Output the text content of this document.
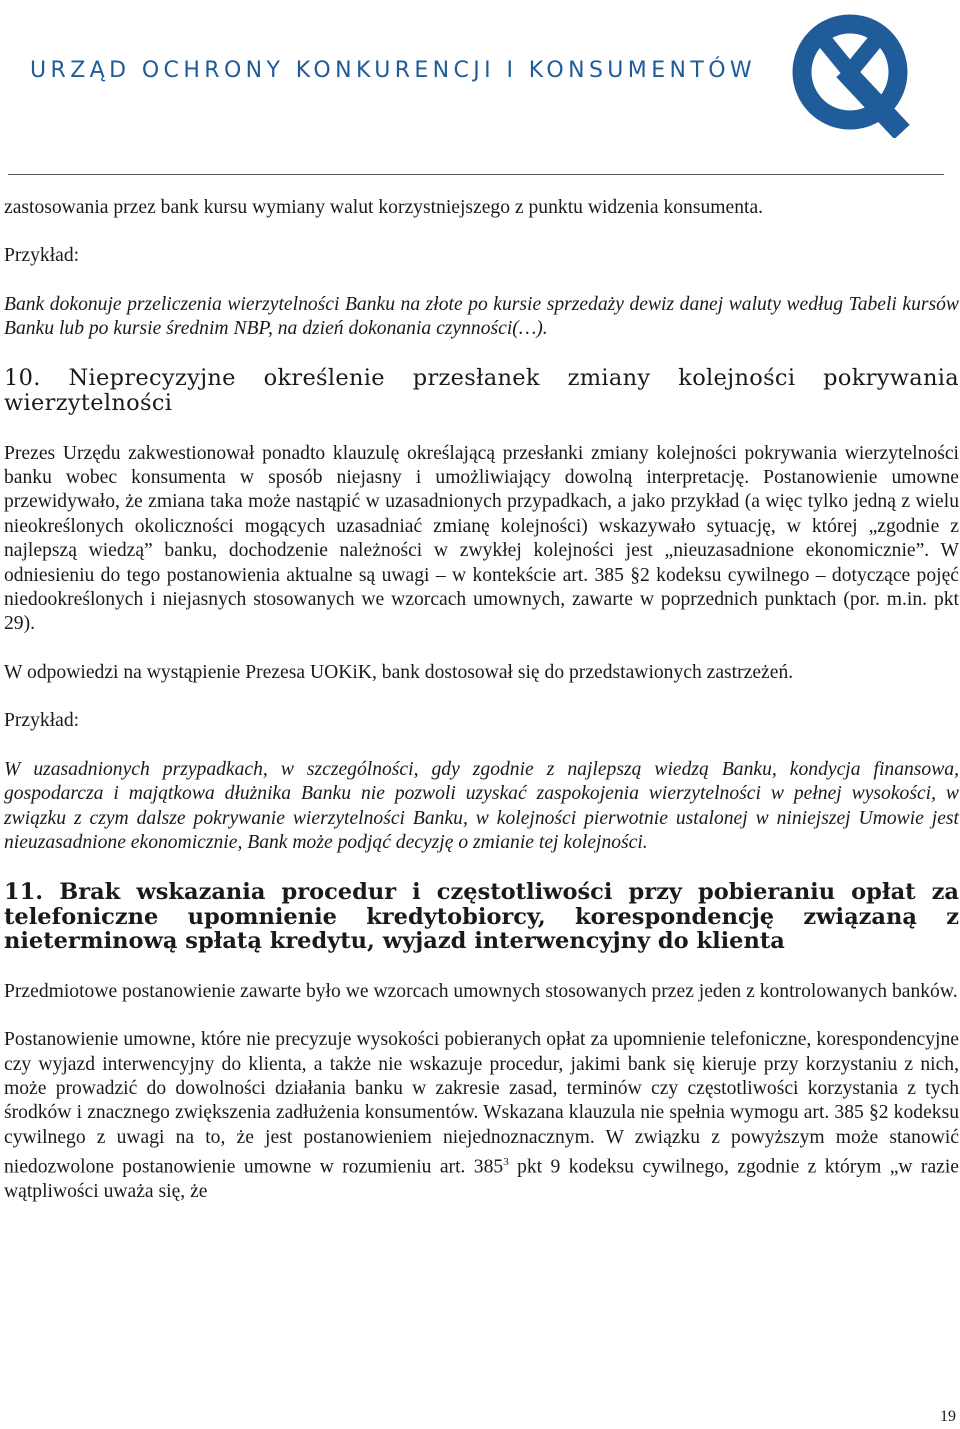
URZĄD OCHRONY KONKURENCJI I KONSUMENTÓW

zastosowania przez bank kursu wymiany walut korzystniejszego z punktu widzenia konsumenta.

Przykład:

Bank dokonuje przeliczenia wierzytelności Banku na złote po kursie sprzedaży dewiz danej waluty według Tabeli kursów Banku lub po kursie średnim NBP, na dzień dokonania czynności(…).

10. Nieprecyzyjne określenie przesłanek zmiany kolejności pokrywania wierzytelności

Prezes Urzędu zakwestionował ponadto klauzulę określającą przesłanki zmiany kolejności pokrywania wierzytelności banku wobec konsumenta w sposób niejasny i umożliwiający dowolną interpretację. Postanowienie umowne przewidywało, że zmiana taka może nastąpić w uzasadnionych przypadkach, a jako przykład (a więc tylko jedną z wielu nieokreślonych okoliczności mogących uzasadniać zmianę kolejności) wskazywało sytuację, w której „zgodnie z najlepszą wiedzą” banku, dochodzenie należności w zwykłej kolejności jest „nieuzasadnione ekonomicznie”. W odniesieniu do tego postanowienia aktualne są uwagi – w kontekście art. 385 §2 kodeksu cywilnego – dotyczące pojęć niedookreślonych i niejasnych stosowanych we wzorcach umownych, zawarte w poprzednich punktach (por. m.in. pkt 29).

W odpowiedzi na wystąpienie Prezesa UOKiK, bank dostosował się do przedstawionych zastrzeżeń.

Przykład:

W uzasadnionych przypadkach, w szczególności, gdy zgodnie z najlepszą wiedzą Banku, kondycja finansowa, gospodarcza i majątkowa dłużnika Banku nie pozwoli uzyskać zaspokojenia wierzytelności w pełnej wysokości, w związku z czym dalsze pokrywanie wierzytelności Banku, w kolejności pierwotnie ustalonej w niniejszej Umowie jest nieuzasadnione ekonomicznie, Bank może podjąć decyzję o zmianie tej kolejności.

11. Brak wskazania procedur i częstotliwości przy pobieraniu opłat za telefoniczne upomnienie kredytobiorcy, korespondencję związaną z nieterminową spłatą kredytu, wyjazd interwencyjny do klienta

Przedmiotowe postanowienie zawarte było we wzorcach umownych stosowanych przez jeden z kontrolowanych banków.

Postanowienie umowne, które nie precyzuje wysokości pobieranych opłat za upomnienie telefoniczne, korespondencyjne czy wyjazd interwencyjny do klienta, a także nie wskazuje procedur, jakimi bank się kieruje przy korzystaniu z nich, może prowadzić do dowolności działania banku w zakresie zasad, terminów czy częstotliwości korzystania z tych środków i znacznego zwiększenia zadłużenia konsumentów. Wskazana klauzula nie spełnia wymogu art. 385 §2 kodeksu cywilnego z uwagi na to, że jest postanowieniem niejednoznacznym. W związku z powyższym może stanowić niedozwolone postanowienie umowne w rozumieniu art. $385^3$ pkt 9 kodeksu cywilnego, zgodnie z którym „w razie wątpliwości uważa się, że

19
